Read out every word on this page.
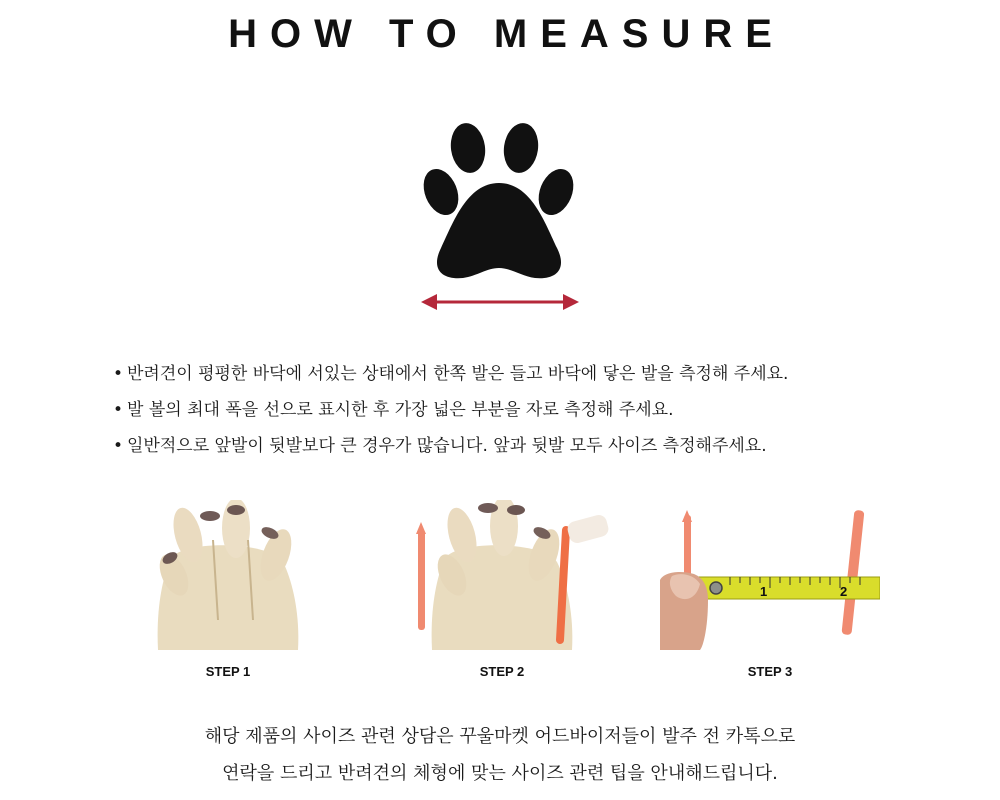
HOW TO MEASURE
• 반려견이 평평한 바닥에 서있는 상태에서 한쪽 발은 들고 바닥에 닿은 발을 측정해 주세요.
• 발 볼의 최대 폭을 선으로 표시한 후 가장 넓은 부분을 자로 측정해 주세요.
• 일반적으로 앞발이 뒷발보다 큰 경우가 많습니다. 앞과 뒷발 모두 사이즈 측정해주세요.
STEP 1	STEP 2
1	2
STEP 3
해당 제품의 사이즈 관련 상담은 꾸울마켓 어드바이저들이 발주 전 카톡으로
연락을 드리고 반려견의 체형에 맞는 사이즈 관련 팁을 안내해드립니다.
